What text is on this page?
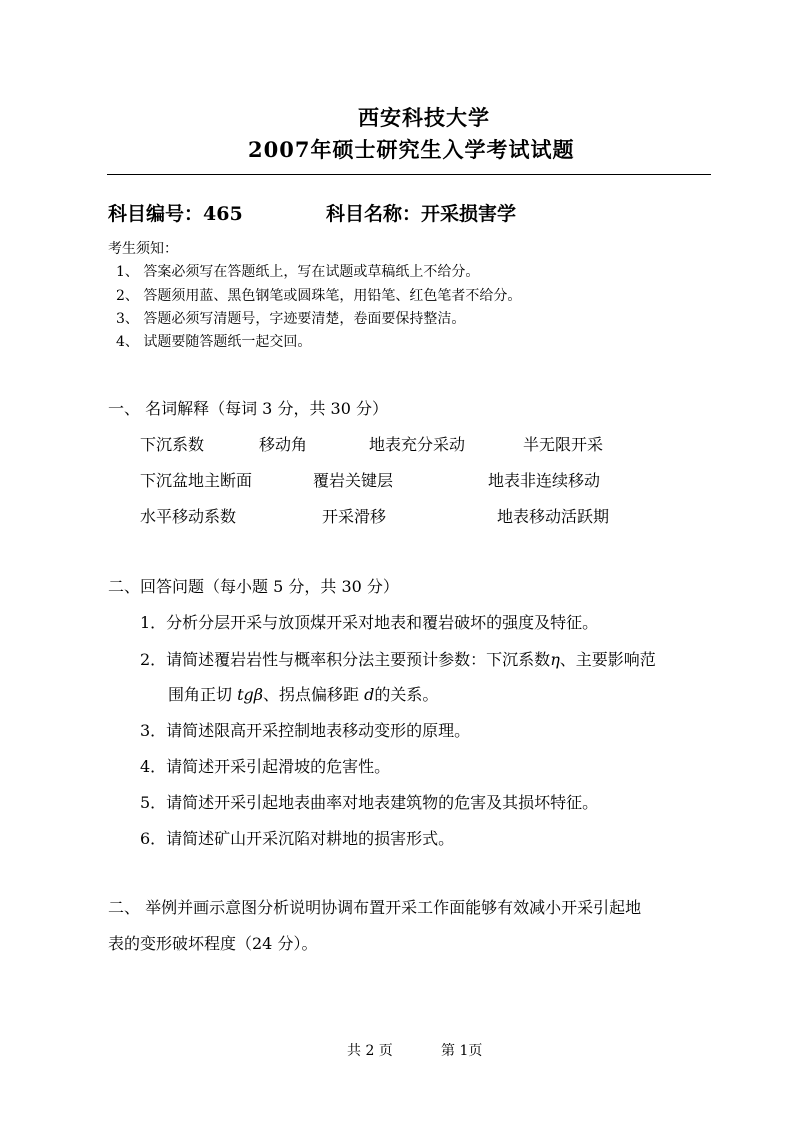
西安科技大学
2007年硕士研究生入学考试试题
科目编号：465	科目名称：开采损害学
考生须知：
1、 答案必须写在答题纸上，写在试题或草稿纸上不给分。
2、 答题须用蓝、黑色钢笔或圆珠笔，用铅笔、红色笔者不给分。
3、 答题必须写清题号，字迹要清楚，卷面要保持整洁。
4、 试题要随答题纸一起交回。
一、 名词解释（每词 3 分，共 30 分）
下沉系数	移动角	地表充分采动	半无限开采
下沉盆地主断面	覆岩关键层	地表非连续移动
水平移动系数	开采滑移	地表移动活跃期
二、回答问题（每小题 5 分，共 30 分）
1．分析分层开采与放顶煤开采对地表和覆岩破坏的强度及特征。
2．请简述覆岩岩性与概率积分法主要预计参数：下沉系数η、主要影响范
围角正切 tgβ、拐点偏移距 d的关系。
3．请简述限高开采控制地表移动变形的原理。
4．请简述开采引起滑坡的危害性。
5．请简述开采引起地表曲率对地表建筑物的危害及其损坏特征。
6．请简述矿山开采沉陷对耕地的损害形式。
二、 举例并画示意图分析说明协调布置开采工作面能够有效减小开采引起地
表的变形破坏程度（24 分）。
共 2 页	第 1页
